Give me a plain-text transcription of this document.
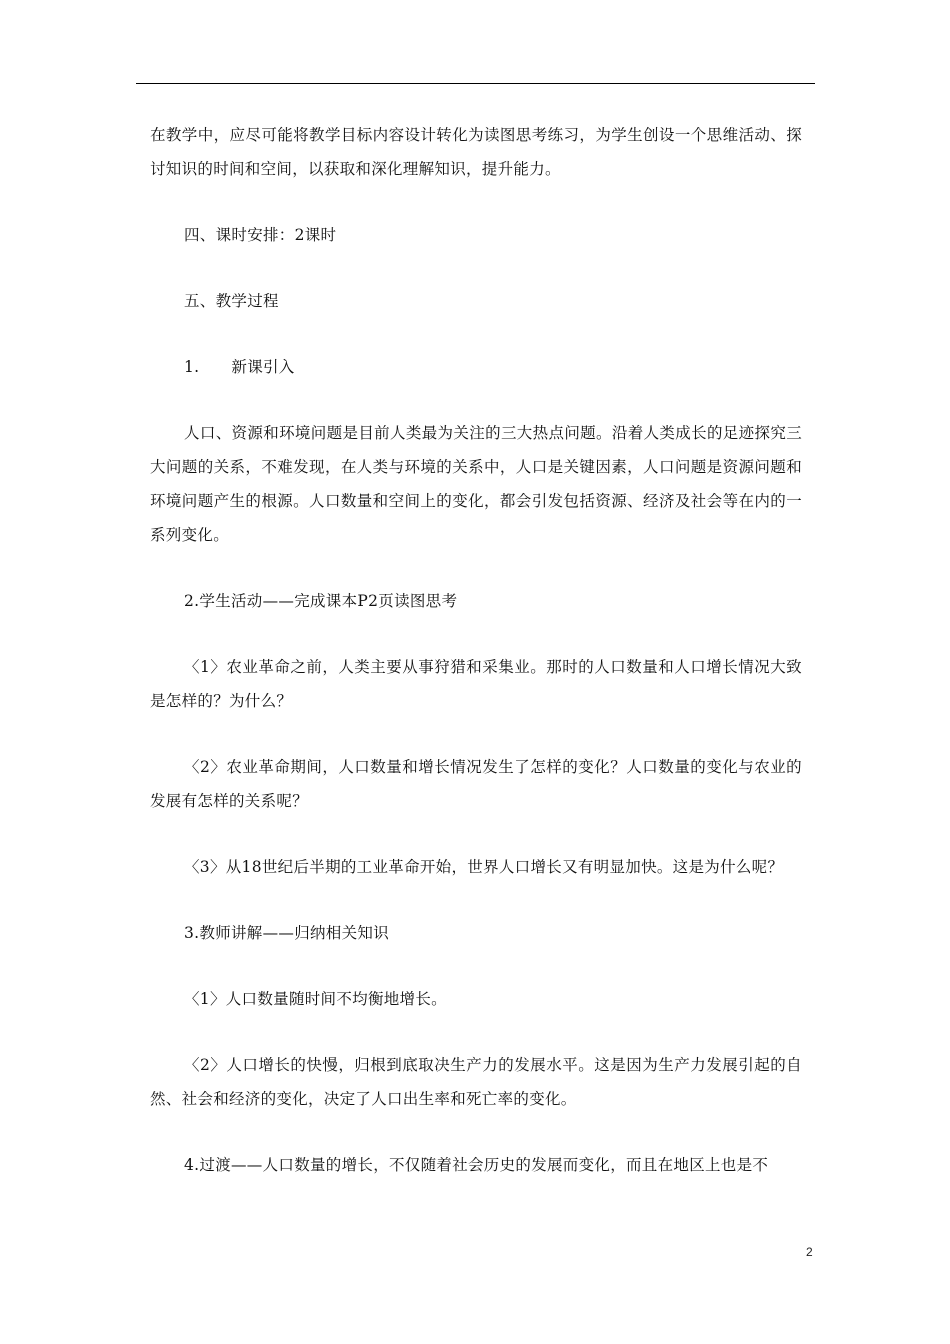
在教学中，应尽可能将教学目标内容设计转化为读图思考练习，为学生创设一个思维活动、探讨知识的时间和空间，以获取和深化理解知识，提升能力。

四、课时安排：2课时

五、教学过程

1. 新课引入

人口、资源和环境问题是目前人类最为关注的三大热点问题。沿着人类成长的足迹探究三大问题的关系，不难发现，在人类与环境的关系中，人口是关键因素，人口问题是资源问题和环境问题产生的根源。人口数量和空间上的变化，都会引发包括资源、经济及社会等在内的一系列变化。

2.学生活动——完成课本P2页读图思考

〈1〉农业革命之前，人类主要从事狩猎和采集业。那时的人口数量和人口增长情况大致是怎样的？为什么？

〈2〉农业革命期间，人口数量和增长情况发生了怎样的变化？人口数量的变化与农业的发展有怎样的关系呢？

〈3〉从18世纪后半期的工业革命开始，世界人口增长又有明显加快。这是为什么呢？

3.教师讲解——归纳相关知识

〈1〉人口数量随时间不均衡地增长。

〈2〉人口增长的快慢，归根到底取决生产力的发展水平。这是因为生产力发展引起的自然、社会和经济的变化，决定了人口出生率和死亡率的变化。

4.过渡——人口数量的增长，不仅随着社会历史的发展而变化，而且在地区上也是不

2
